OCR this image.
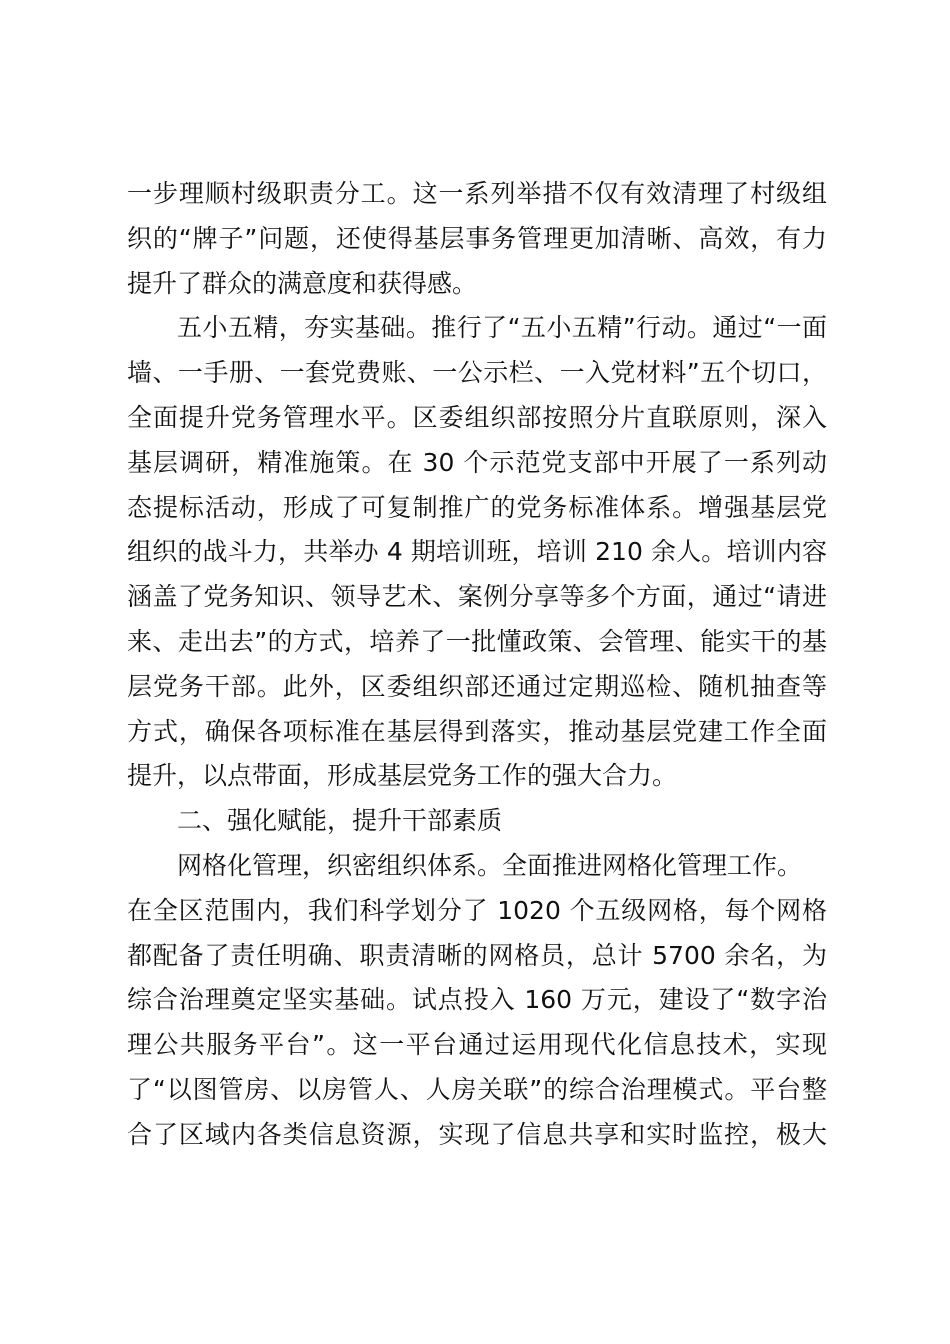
一步理顺村级职责分工。这一系列举措不仅有效清理了村级组
织的“牌子”问题，还使得基层事务管理更加清晰、高效，有力
提升了群众的满意度和获得感。
五小五精，夯实基础。推行了“五小五精”行动。通过“一面
墙、一手册、一套党费账、一公示栏、一入党材料”五个切口，
全面提升党务管理水平。区委组织部按照分片直联原则，深入
基层调研，精准施策。在 30 个示范党支部中开展了一系列动
态提标活动，形成了可复制推广的党务标准体系。增强基层党
组织的战斗力，共举办 4 期培训班，培训 210 余人。培训内容
涵盖了党务知识、领导艺术、案例分享等多个方面，通过“请进
来、走出去”的方式，培养了一批懂政策、会管理、能实干的基
层党务干部。此外，区委组织部还通过定期巡检、随机抽查等
方式，确保各项标准在基层得到落实，推动基层党建工作全面
提升，以点带面，形成基层党务工作的强大合力。
二、强化赋能，提升干部素质
网格化管理，织密组织体系。全面推进网格化管理工作。
在全区范围内，我们科学划分了 1020 个五级网格，每个网格
都配备了责任明确、职责清晰的网格员，总计 5700 余名，为
综合治理奠定坚实基础。试点投入 160 万元，建设了“数字治
理公共服务平台”。这一平台通过运用现代化信息技术，实现
了“以图管房、以房管人、人房关联”的综合治理模式。平台整
合了区域内各类信息资源，实现了信息共享和实时监控，极大
